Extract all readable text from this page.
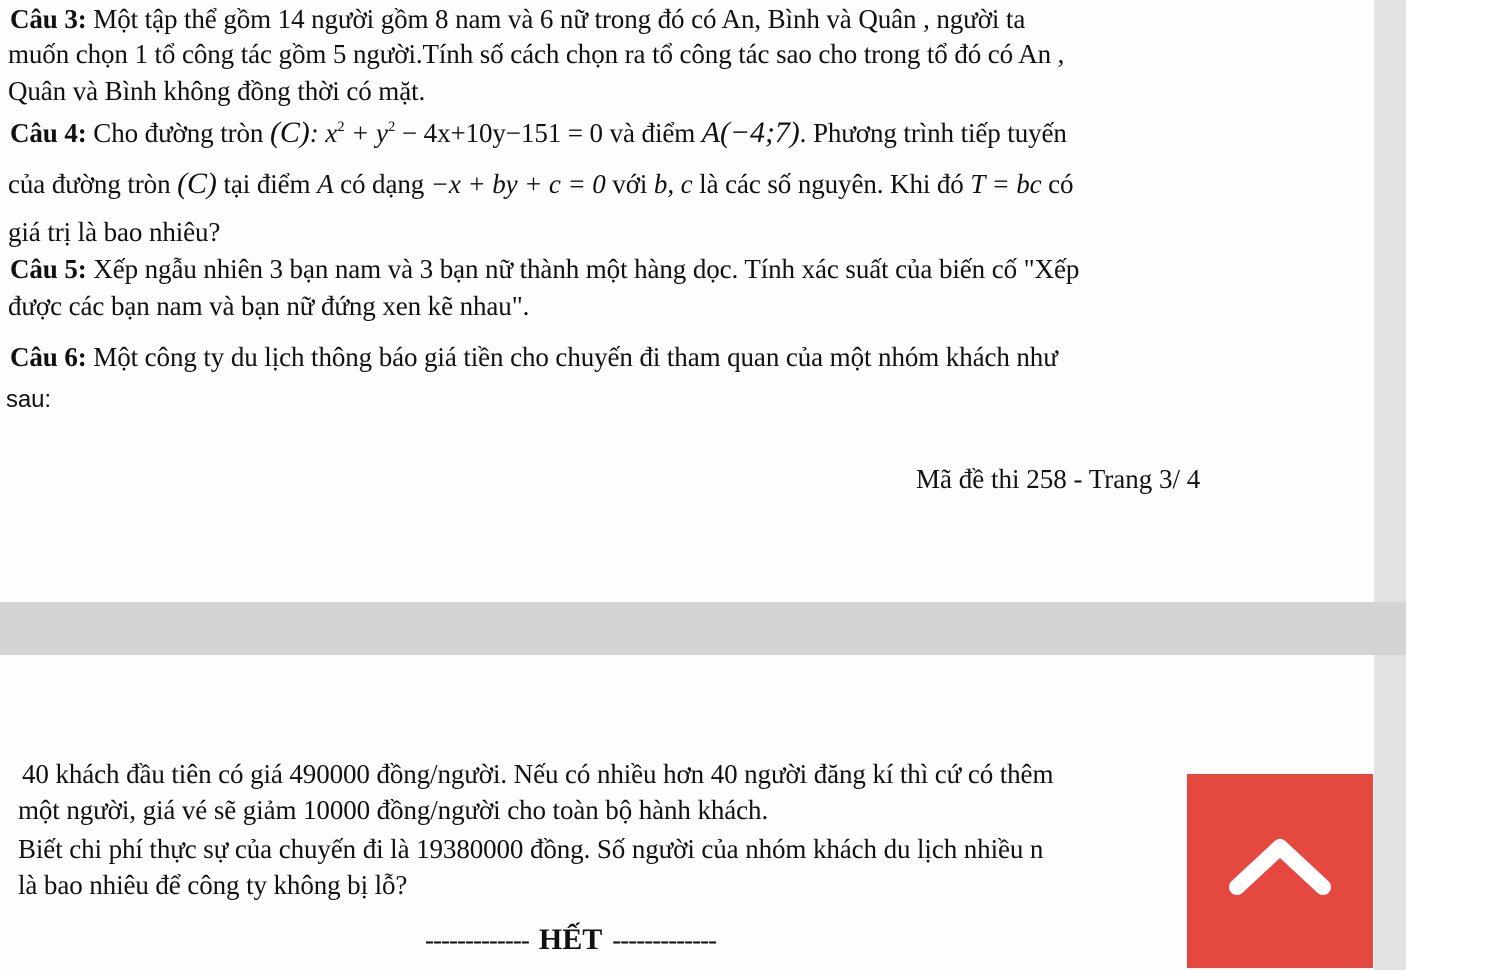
Câu 3: Một tập thể gồm 14 người gồm 8 nam và 6 nữ trong đó có An, Bình và Quân , người ta
muốn chọn 1 tổ công tác gồm 5 người.Tính số cách chọn ra tổ công tác sao cho trong tổ đó có An ,
Quân và Bình không đồng thời có mặt.
Câu 4: Cho đường tròn (C): $x^2 + y^2 - 4x+10y-151 = 0$ và điểm A(−4;7). Phương trình tiếp tuyến
của đường tròn (C) tại điểm A có dạng −x + by + c = 0 với b, c là các số nguyên. Khi đó T = bc có
giá trị là bao nhiêu?
Câu 5: Xếp ngẫu nhiên 3 bạn nam và 3 bạn nữ thành một hàng dọc. Tính xác suất của biến cố "Xếp
được các bạn nam và bạn nữ đứng xen kẽ nhau".
Câu 6: Một công ty du lịch thông báo giá tiền cho chuyến đi tham quan của một nhóm khách như
sau:
Mã đề thi 258 - Trang 3/ 4
40 khách đầu tiên có giá 490000 đồng/người. Nếu có nhiều hơn 40 người đăng kí thì cứ có thêm
một người, giá vé sẽ giảm 10000 đồng/người cho toàn bộ hành khách.
Biết chi phí thực sự của chuyến đi là 19380000 đồng. Số người của nhóm khách du lịch nhiều n
là bao nhiêu để công ty không bị lỗ?
------------- HẾT -------------
